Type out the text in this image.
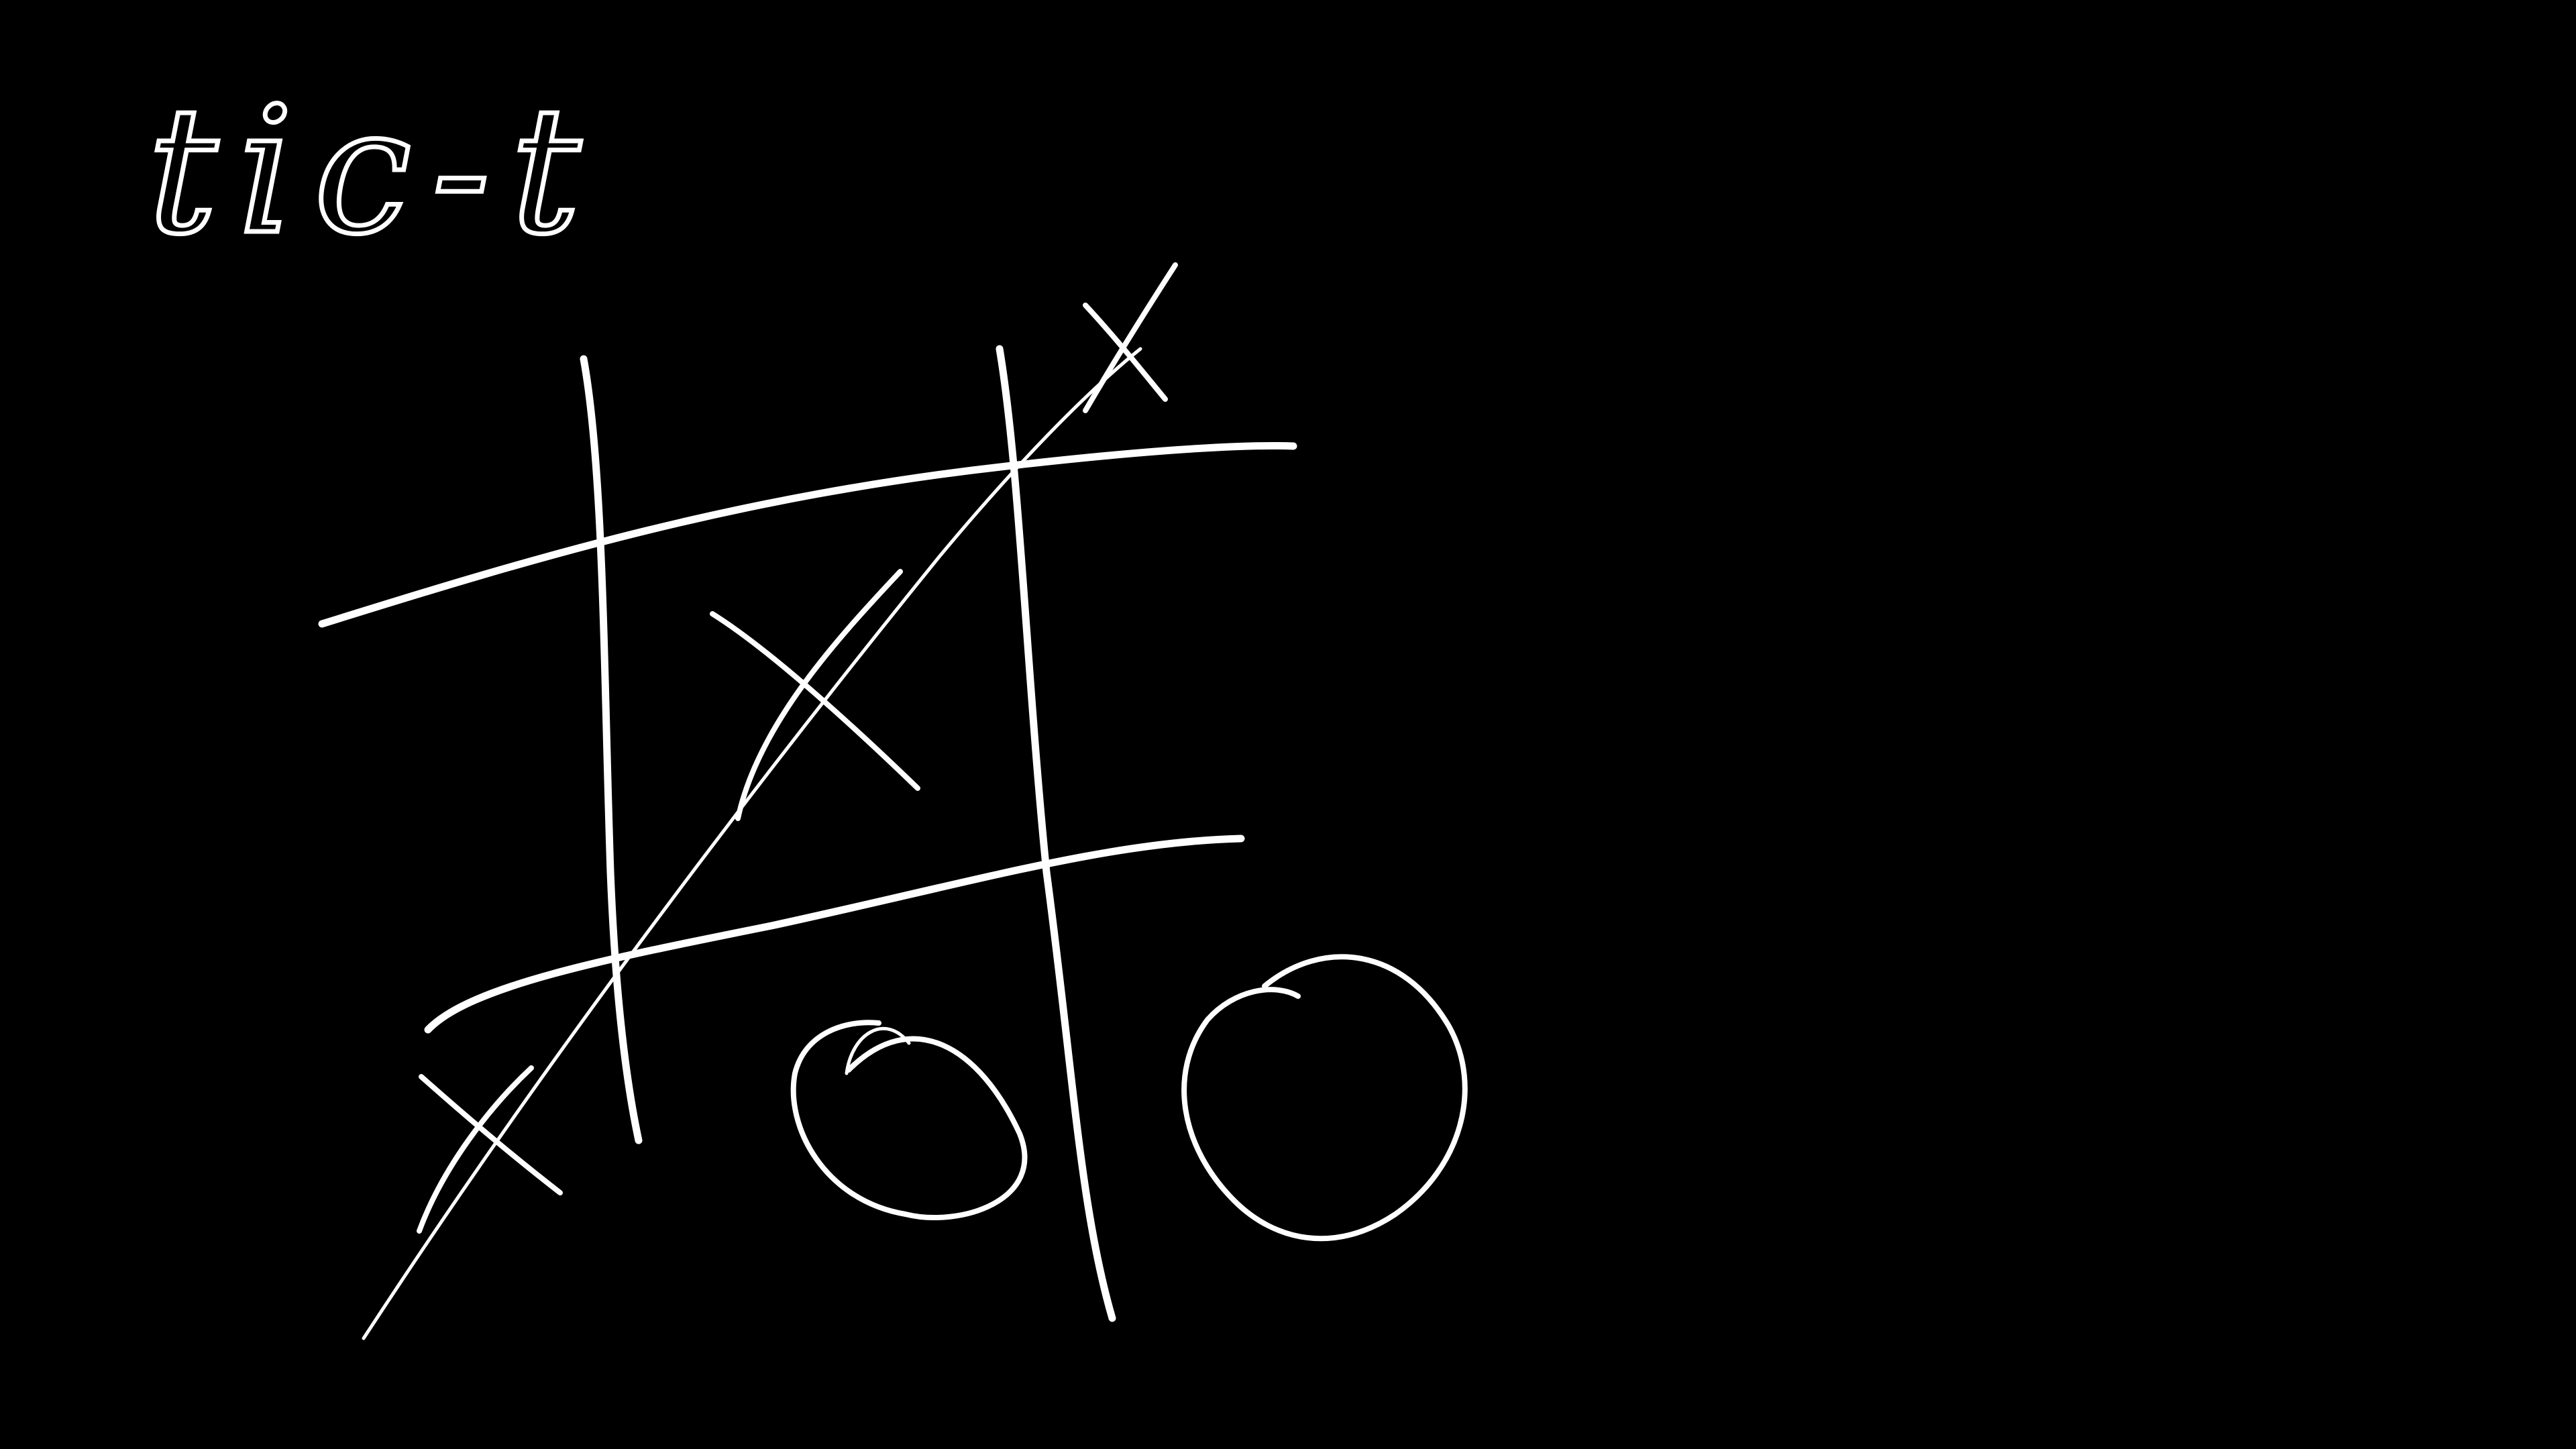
tic-t
